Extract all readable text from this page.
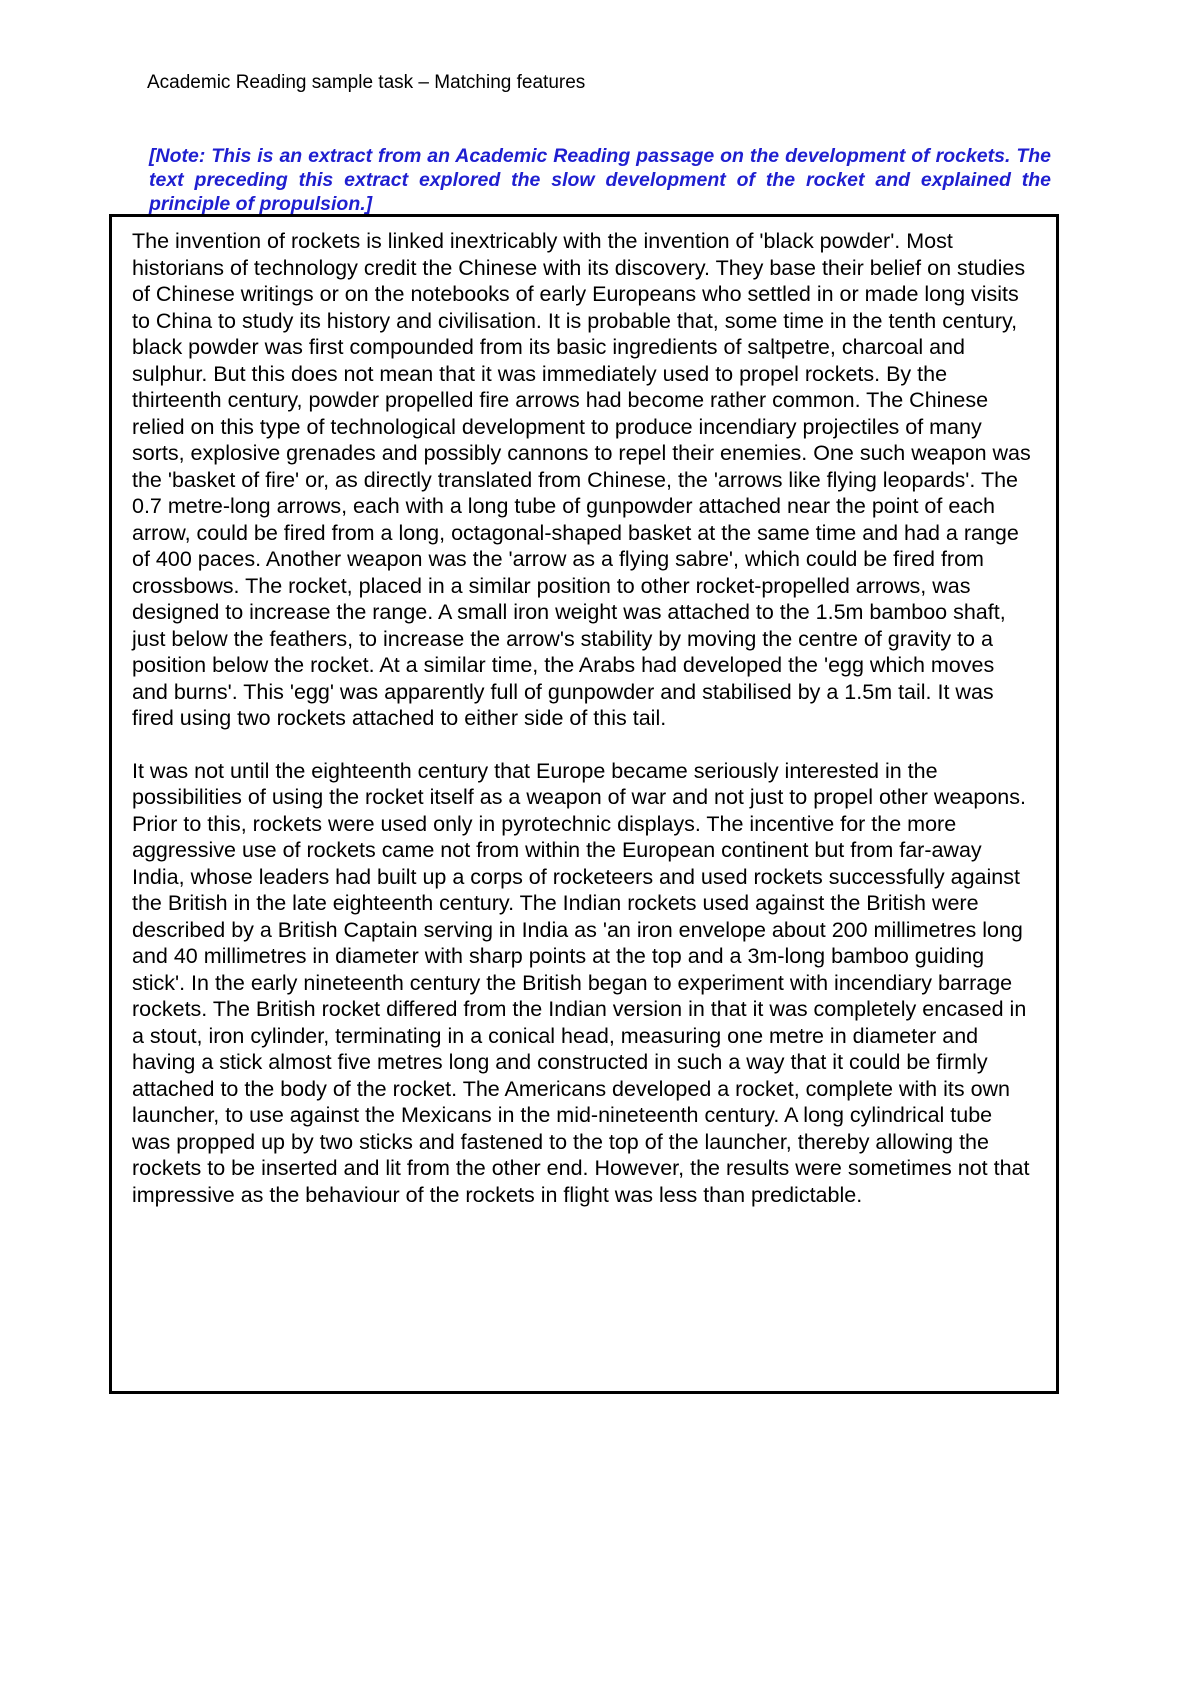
Academic Reading sample task – Matching features
[Note: This is an extract from an Academic Reading passage on the development of rockets. The text preceding this extract explored the slow development of the rocket and explained the principle of propulsion.]

The invention of rockets is linked inextricably with the invention of 'black powder'. Most historians of technology credit the Chinese with its discovery. They base their belief on studies of Chinese writings or on the notebooks of early Europeans who settled in or made long visits to China to study its history and civilisation. It is probable that, some time in the tenth century, black powder was first compounded from its basic ingredients of saltpetre, charcoal and sulphur. But this does not mean that it was immediately used to propel rockets. By the thirteenth century, powder propelled fire arrows had become rather common. The Chinese relied on this type of technological development to produce incendiary projectiles of many sorts, explosive grenades and possibly cannons to repel their enemies. One such weapon was the 'basket of fire' or, as directly translated from Chinese, the 'arrows like flying leopards'. The 0.7 metre-long arrows, each with a long tube of gunpowder attached near the point of each arrow, could be fired from a long, octagonal-shaped basket at the same time and had a range of 400 paces. Another weapon was the 'arrow as a flying sabre', which could be fired from crossbows. The rocket, placed in a similar position to other rocket-propelled arrows, was designed to increase the range. A small iron weight was attached to the 1.5m bamboo shaft, just below the feathers, to increase the arrow's stability by moving the centre of gravity to a position below the rocket. At a similar time, the Arabs had developed the 'egg which moves and burns'. This 'egg' was apparently full of gunpowder and stabilised by a 1.5m tail. It was fired using two rockets attached to either side of this tail.

It was not until the eighteenth century that Europe became seriously interested in the possibilities of using the rocket itself as a weapon of war and not just to propel other weapons. Prior to this, rockets were used only in pyrotechnic displays. The incentive for the more aggressive use of rockets came not from within the European continent but from far-away India, whose leaders had built up a corps of rocketeers and used rockets successfully against the British in the late eighteenth century. The Indian rockets used against the British were described by a British Captain serving in India as 'an iron envelope about 200 millimetres long and 40 millimetres in diameter with sharp points at the top and a 3m-long bamboo guiding stick'. In the early nineteenth century the British began to experiment with incendiary barrage rockets. The British rocket differed from the Indian version in that it was completely encased in a stout, iron cylinder, terminating in a conical head, measuring one metre in diameter and having a stick almost five metres long and constructed in such a way that it could be firmly attached to the body of the rocket. The Americans developed a rocket, complete with its own launcher, to use against the Mexicans in the mid-nineteenth century. A long cylindrical tube was propped up by two sticks and fastened to the top of the launcher, thereby allowing the rockets to be inserted and lit from the other end. However, the results were sometimes not that impressive as the behaviour of the rockets in flight was less than predictable.
